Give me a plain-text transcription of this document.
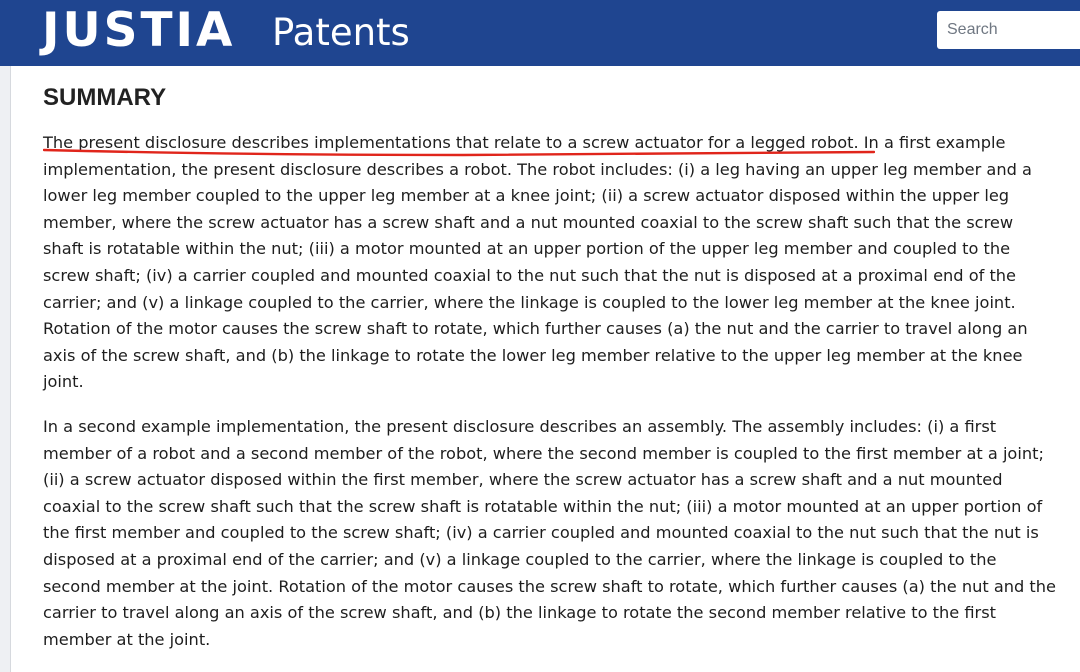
JUSTIA Patents
Search
SUMMARY

The present disclosure describes implementations that relate to a screw actuator for a legged robot. In a first example implementation, the present disclosure describes a robot. The robot includes: (i) a leg having an upper leg member and a lower leg member coupled to the upper leg member at a knee joint; (ii) a screw actuator disposed within the upper leg member, where the screw actuator has a screw shaft and a nut mounted coaxial to the screw shaft such that the screw shaft is rotatable within the nut; (iii) a motor mounted at an upper portion of the upper leg member and coupled to the screw shaft; (iv) a carrier coupled and mounted coaxial to the nut such that the nut is disposed at a proximal end of the carrier; and (v) a linkage coupled to the carrier, where the linkage is coupled to the lower leg member at the knee joint. Rotation of the motor causes the screw shaft to rotate, which further causes (a) the nut and the carrier to travel along an axis of the screw shaft, and (b) the linkage to rotate the lower leg member relative to the upper leg member at the knee joint.

In a second example implementation, the present disclosure describes an assembly. The assembly includes: (i) a first member of a robot and a second member of the robot, where the second member is coupled to the first member at a joint; (ii) a screw actuator disposed within the first member, where the screw actuator has a screw shaft and a nut mounted coaxial to the screw shaft such that the screw shaft is rotatable within the nut; (iii) a motor mounted at an upper portion of the first member and coupled to the screw shaft; (iv) a carrier coupled and mounted coaxial to the nut such that the nut is disposed at a proximal end of the carrier; and (v) a linkage coupled to the carrier, where the linkage is coupled to the second member at the joint. Rotation of the motor causes the screw shaft to rotate, which further causes (a) the nut and the carrier to travel along an axis of the screw shaft, and (b) the linkage to rotate the second member relative to the first member at the joint.
